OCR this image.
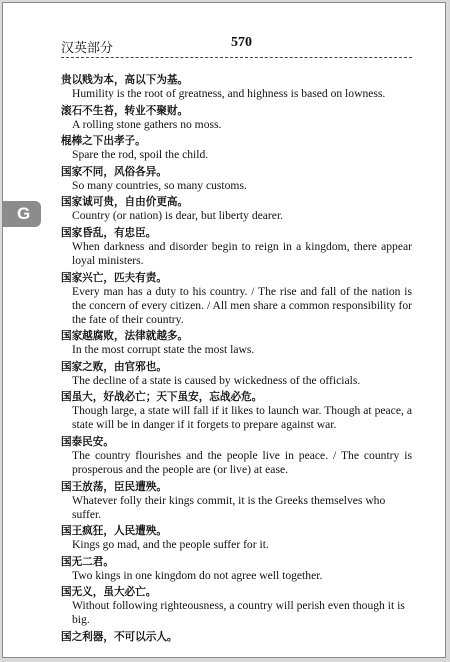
汉英部分	570
G
贵以贱为本，高以下为基。
Humility is the root of greatness, and highness is based on lowness.
滚石不生苔，转业不聚财。
A rolling stone gathers no moss.
棍棒之下出孝子。
Spare the rod, spoil the child.
国家不同，风俗各异。
So many countries, so many customs.
国家诚可贵，自由价更高。
Country (or nation) is dear, but liberty dearer.
国家昏乱，有忠臣。
When darkness and disorder begin to reign in a kingdom, there appear loyal ministers.
国家兴亡，匹夫有责。
Every man has a duty to his country. / The rise and fall of the nation is the concern of every citizen. / All men share a common responsibility for the fate of their country.
国家越腐败，法律就越多。
In the most corrupt state the most laws.
国家之败，由官邪也。
The decline of a state is caused by wickedness of the officials.
国虽大，好战必亡；天下虽安，忘战必危。
Though large, a state will fall if it likes to launch war. Though at peace, a state will be in danger if it forgets to prepare against war.
国泰民安。
The country flourishes and the people live in peace. / The country is prosperous and the people are (or live) at ease.
国王放荡，臣民遭殃。
Whatever folly their kings commit, it is the Greeks themselves who suffer.
国王疯狂，人民遭殃。
Kings go mad, and the people suffer for it.
国无二君。
Two kings in one kingdom do not agree well together.
国无义，虽大必亡。
Without following righteousness, a country will perish even though it is big.
国之利器，不可以示人。
